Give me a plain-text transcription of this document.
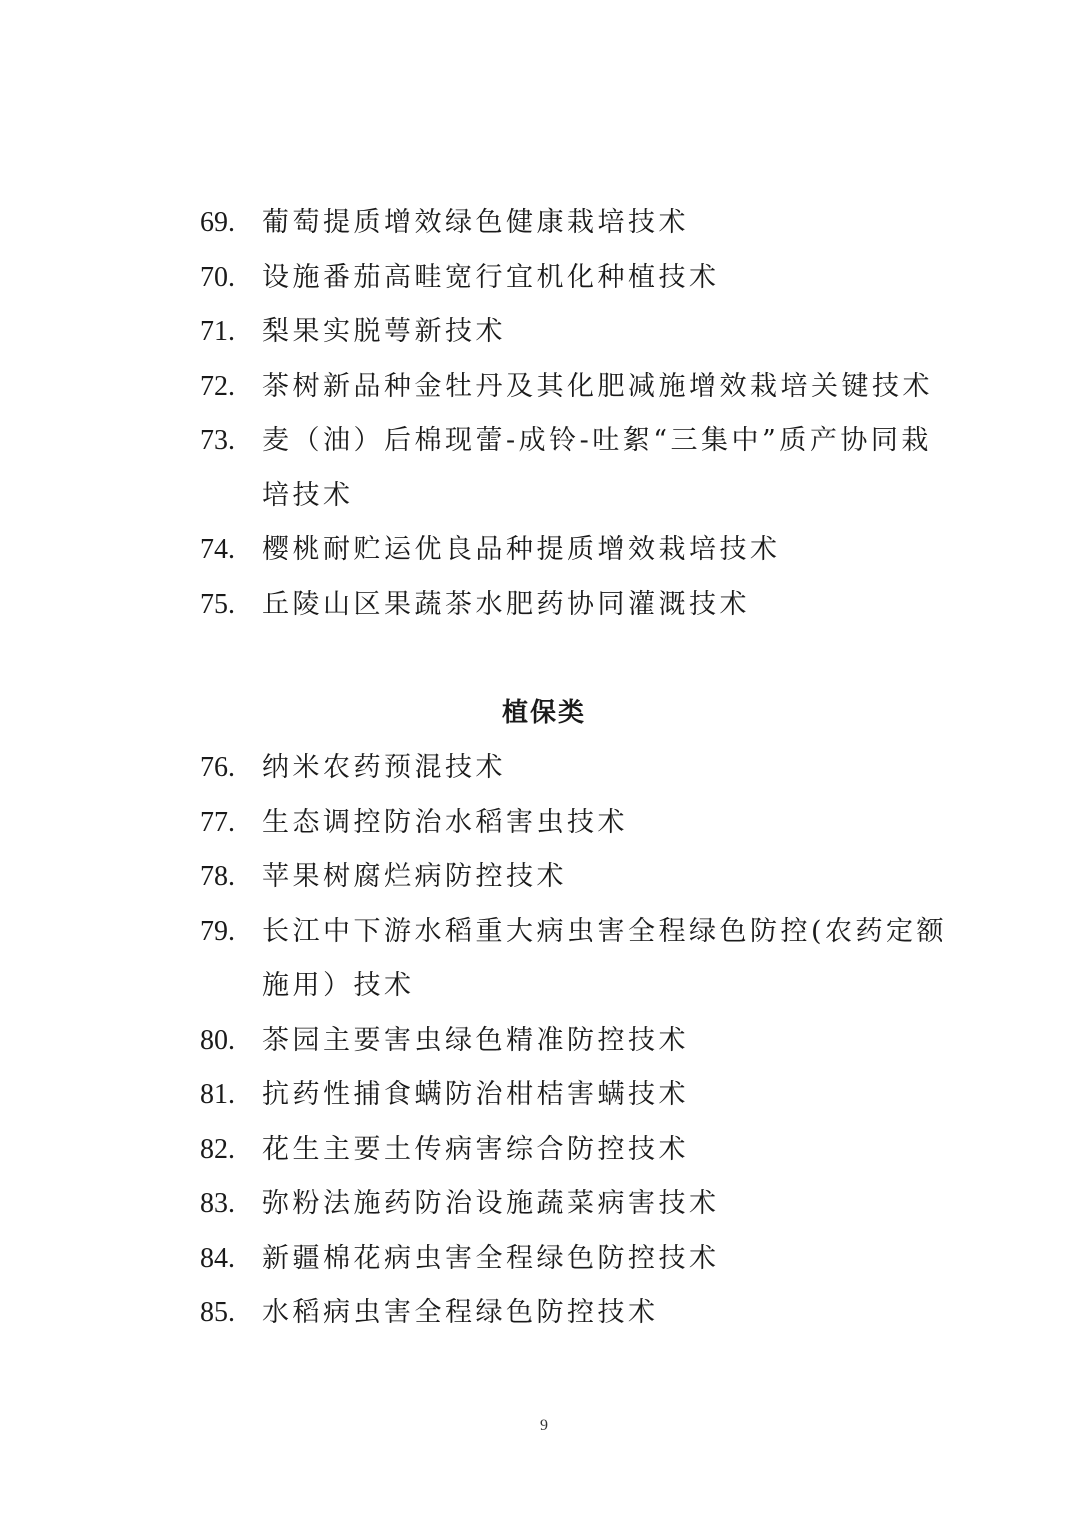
69.	葡萄提质增效绿色健康栽培技术
70.	设施番茄高畦宽行宜机化种植技术
71.	梨果实脱萼新技术
72.	茶树新品种金牡丹及其化肥减施增效栽培关键技术
73.	麦（油）后棉现蕾-成铃-吐絮“三集中”质产协同栽培技术
74.	樱桃耐贮运优良品种提质增效栽培技术
75.	丘陵山区果蔬茶水肥药协同灌溉技术
植保类
76.	纳米农药预混技术
77.	生态调控防治水稻害虫技术
78.	苹果树腐烂病防控技术
79.	长江中下游水稻重大病虫害全程绿色防控(农药定额施用）技术
80.	茶园主要害虫绿色精准防控技术
81.	抗药性捕食螨防治柑桔害螨技术
82.	花生主要土传病害综合防控技术
83.	弥粉法施药防治设施蔬菜病害技术
84.	新疆棉花病虫害全程绿色防控技术
85.	水稻病虫害全程绿色防控技术
9
